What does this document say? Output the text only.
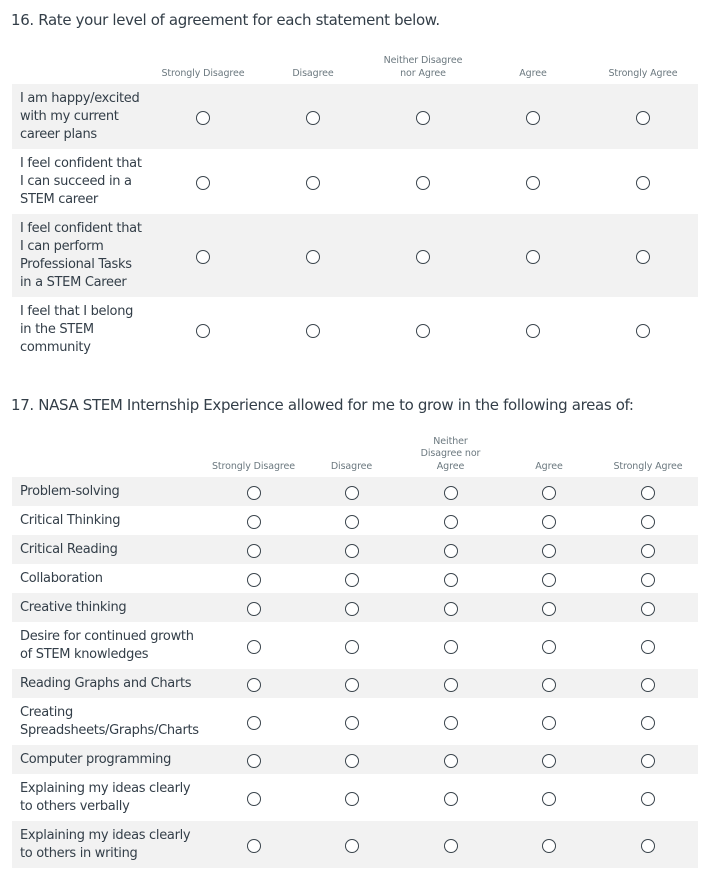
16. Rate your level of agreement for each statement below.
	Strongly Disagree	Disagree	Neither Disagree nor Agree	Agree	Strongly Agree
I am happy/excited with my current career plans					
I feel confident that I can succeed in a STEM career					
I feel confident that I can perform Professional Tasks in a STEM Career					
I feel that I belong in the STEM community					
17. NASA STEM Internship Experience allowed for me to grow in the following areas of:
	Strongly Disagree	Disagree	Neither Disagree nor Agree	Agree	Strongly Agree
Problem-solving					
Critical Thinking					
Critical Reading					
Collaboration					
Creative thinking					
Desire for continued growth of STEM knowledges					
Reading Graphs and Charts					
Creating Spreadsheets/Graphs/Charts					
Computer programming					
Explaining my ideas clearly to others verbally					
Explaining my ideas clearly to others in writing					
